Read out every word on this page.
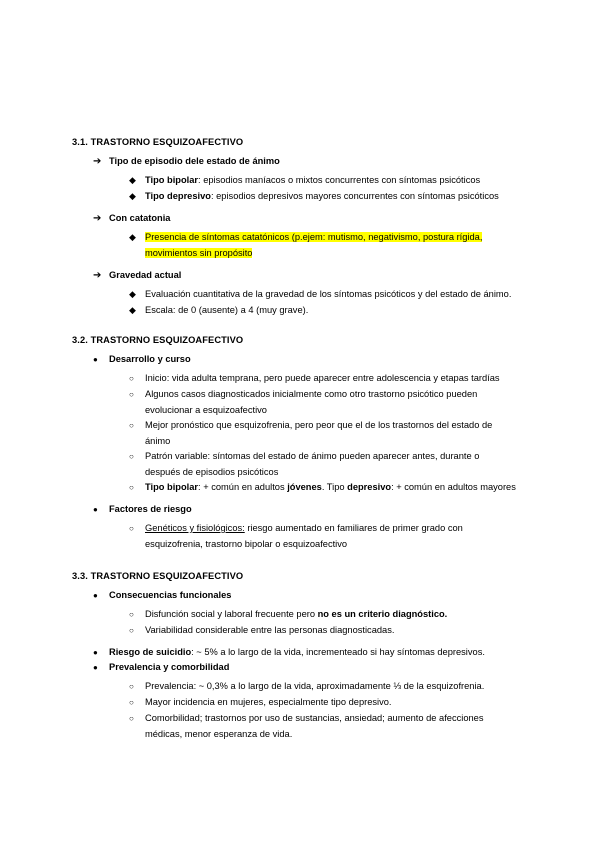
3.1. TRASTORNO ESQUIZOAFECTIVO
➔ Tipo de episodio dele estado de ánimo
◆ Tipo bipolar: episodios maníacos o mixtos concurrentes con síntomas psicóticos
◆ Tipo depresivo: episodios depresivos mayores concurrentes con síntomas psicóticos
➔ Con catatonia
◆ Presencia de síntomas catatónicos (p.ejem: mutismo, negativismo, postura rígida,
movimientos sin propósito
➔ Gravedad actual
◆ Evaluación cuantitativa de la gravedad de los síntomas psicóticos y del estado de ánimo.
◆ Escala: de 0 (ausente) a 4 (muy grave).
3.2. TRASTORNO ESQUIZOAFECTIVO
●	Desarrollo y curso
○	Inicio: vida adulta temprana, pero puede aparecer entre adolescencia y etapas tardías
○	Algunos casos diagnosticados inicialmente como otro trastorno psicótico pueden
evolucionar a esquizoafectivo
○	Mejor pronóstico que esquizofrenia, pero peor que el de los trastornos del estado de
ánimo
○	Patrón variable: síntomas del estado de ánimo pueden aparecer antes, durante o
después de episodios psicóticos
○	Tipo bipolar: + común en adultos jóvenes. Tipo depresivo: + común en adultos mayores
●	Factores de riesgo
○	Genéticos y fisiológicos: riesgo aumentado en familiares de primer grado con
esquizofrenia, trastorno bipolar o esquizoafectivo
3.3. TRASTORNO ESQUIZOAFECTIVO
●	Consecuencias funcionales
○	Disfunción social y laboral frecuente pero no es un criterio diagnóstico.
○	Variabilidad considerable entre las personas diagnosticadas.
●	Riesgo de suicidio: ~ 5% a lo largo de la vida, incrementeado si hay síntomas depresivos.
●	Prevalencia y comorbilidad
○	Prevalencia: ~ 0,3% a lo largo de la vida, aproximadamente ⅓ de la esquizofrenia.
○	Mayor incidencia en mujeres, especialmente tipo depresivo.
○	Comorbilidad; trastornos por uso de sustancias, ansiedad; aumento de afecciones
médicas, menor esperanza de vida.
